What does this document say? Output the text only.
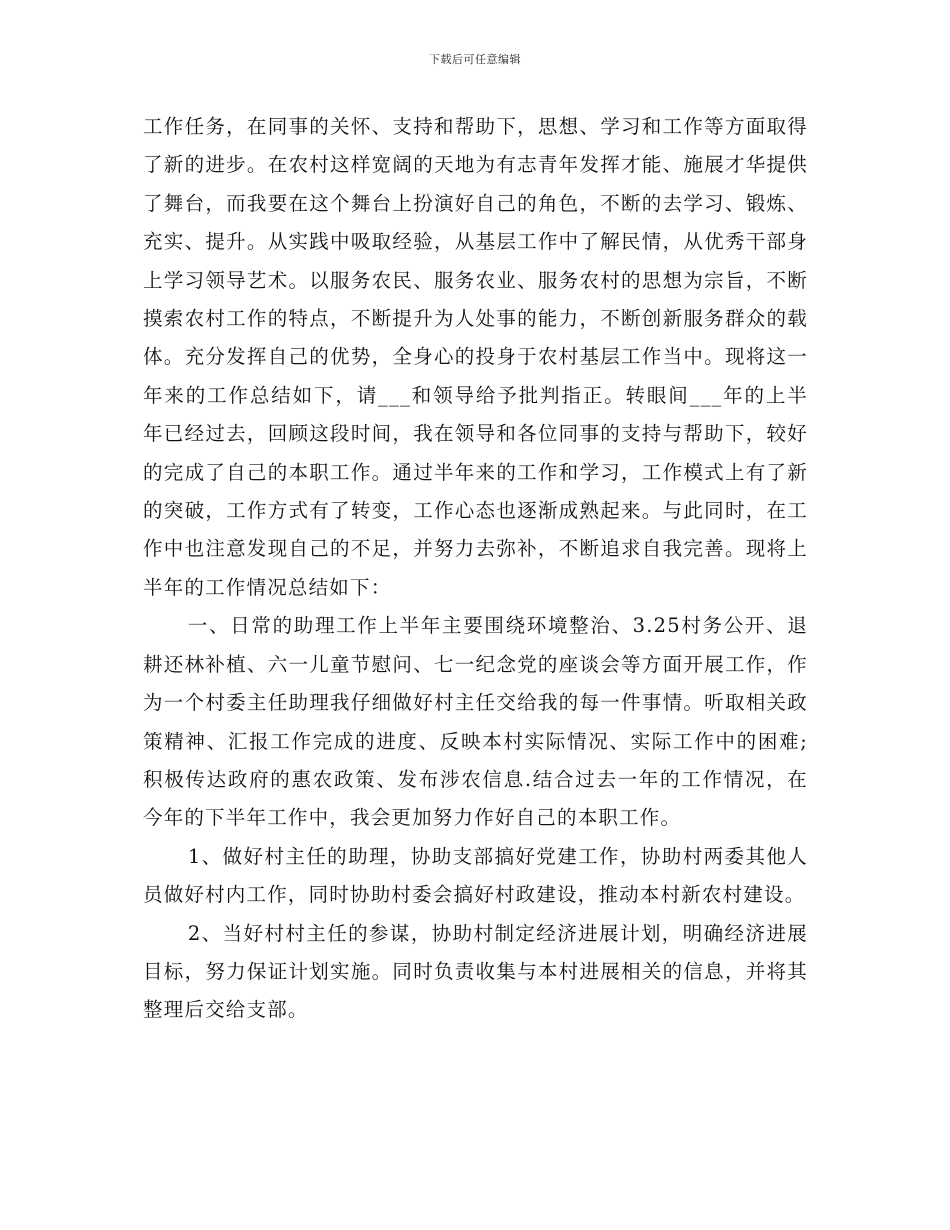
下载后可任意编辑

工作任务，在同事的关怀、支持和帮助下，思想、学习和工作等方面取得了新的进步。在农村这样宽阔的天地为有志青年发挥才能、施展才华提供了舞台，而我要在这个舞台上扮演好自己的角色，不断的去学习、锻炼、充实、提升。从实践中吸取经验，从基层工作中了解民情，从优秀干部身上学习领导艺术。以服务农民、服务农业、服务农村的思想为宗旨，不断摸索农村工作的特点，不断提升为人处事的能力，不断创新服务群众的载体。充分发挥自己的优势，全身心的投身于农村基层工作当中。现将这一年来的工作总结如下，请___和领导给予批判指正。转眼间___年的上半年已经过去，回顾这段时间，我在领导和各位同事的支持与帮助下，较好的完成了自己的本职工作。通过半年来的工作和学习，工作模式上有了新的突破，工作方式有了转变，工作心态也逐渐成熟起来。与此同时，在工作中也注意发现自己的不足，并努力去弥补，不断追求自我完善。现将上半年的工作情况总结如下：

一、日常的助理工作上半年主要围绕环境整治、3.25村务公开、退耕还林补植、六一儿童节慰问、七一纪念党的座谈会等方面开展工作，作为一个村委主任助理我仔细做好村主任交给我的每一件事情。听取相关政策精神、汇报工作完成的进度、反映本村实际情况、实际工作中的困难;积极传达政府的惠农政策、发布涉农信息.结合过去一年的工作情况，在今年的下半年工作中，我会更加努力作好自己的本职工作。

1、做好村主任的助理，协助支部搞好党建工作，协助村两委其他人员做好村内工作，同时协助村委会搞好村政建设，推动本村新农村建设。

2、当好村村主任的参谋，协助村制定经济进展计划，明确经济进展目标，努力保证计划实施。同时负责收集与本村进展相关的信息，并将其整理后交给支部。
